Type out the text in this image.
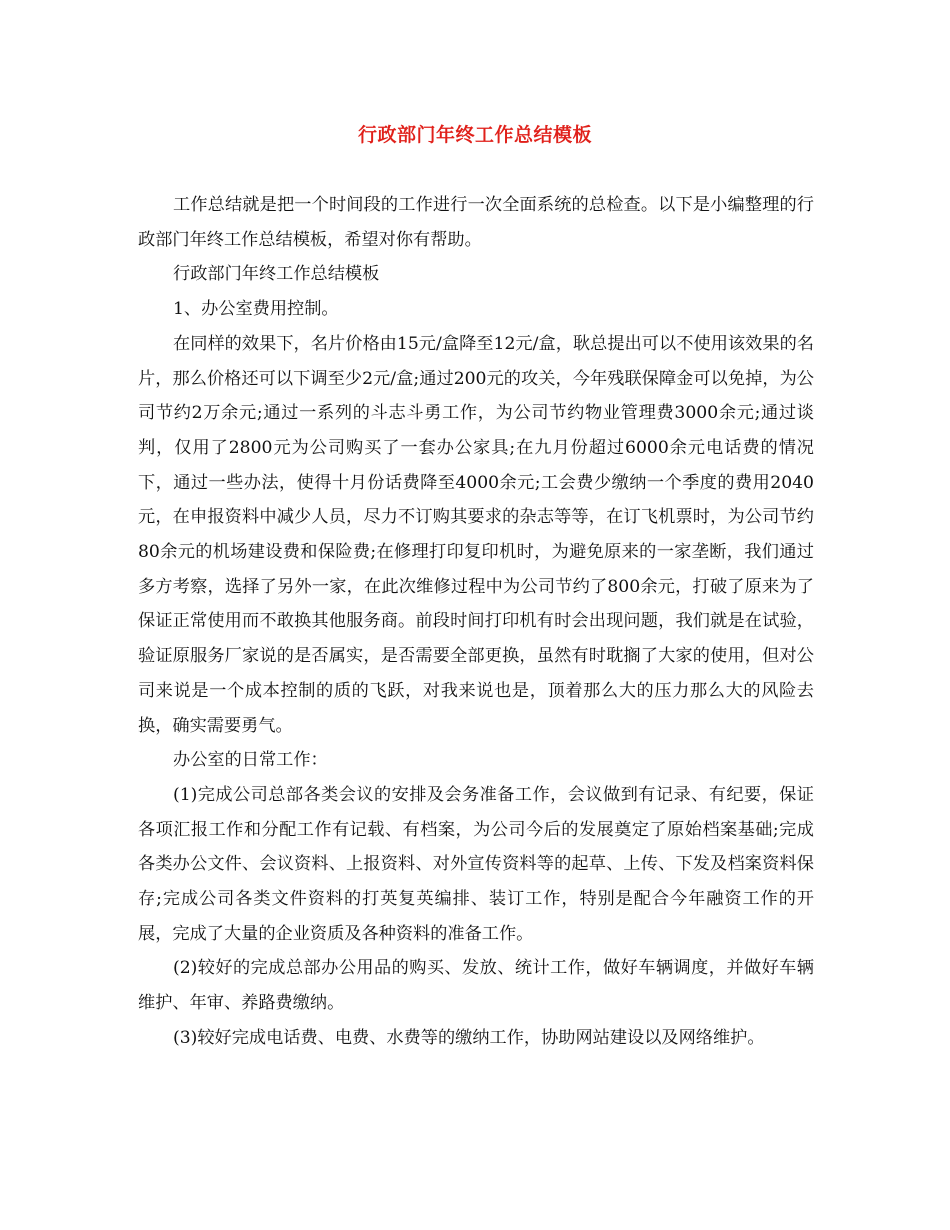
行政部门年终工作总结模板

工作总结就是把一个时间段的工作进行一次全面系统的总检查。以下是小编整理的行政部门年终工作总结模板，希望对你有帮助。

行政部门年终工作总结模板

1、办公室费用控制。

在同样的效果下，名片价格由15元/盒降至12元/盒，耿总提出可以不使用该效果的名片，那么价格还可以下调至少2元/盒;通过200元的攻关，今年残联保障金可以免掉，为公司节约2万余元;通过一系列的斗志斗勇工作，为公司节约物业管理费3000余元;通过谈判，仅用了2800元为公司购买了一套办公家具;在九月份超过6000余元电话费的情况下，通过一些办法，使得十月份话费降至4000余元;工会费少缴纳一个季度的费用2040元，在申报资料中减少人员，尽力不订购其要求的杂志等等，在订飞机票时，为公司节约80余元的机场建设费和保险费;在修理打印复印机时，为避免原来的一家垄断，我们通过多方考察，选择了另外一家，在此次维修过程中为公司节约了800余元，打破了原来为了保证正常使用而不敢换其他服务商。前段时间打印机有时会出现问题，我们就是在试验，验证原服务厂家说的是否属实，是否需要全部更换，虽然有时耽搁了大家的使用，但对公司来说是一个成本控制的质的飞跃，对我来说也是，顶着那么大的压力那么大的风险去换，确实需要勇气。

办公室的日常工作：

(1)完成公司总部各类会议的安排及会务准备工作，会议做到有记录、有纪要，保证各项汇报工作和分配工作有记载、有档案，为公司今后的发展奠定了原始档案基础;完成各类办公文件、会议资料、上报资料、对外宣传资料等的起草、上传、下发及档案资料保存;完成公司各类文件资料的打英复英编排、装订工作，特别是配合今年融资工作的开展，完成了大量的企业资质及各种资料的准备工作。

(2)较好的完成总部办公用品的购买、发放、统计工作，做好车辆调度，并做好车辆维护、年审、养路费缴纳。

(3)较好完成电话费、电费、水费等的缴纳工作，协助网站建设以及网络维护。
